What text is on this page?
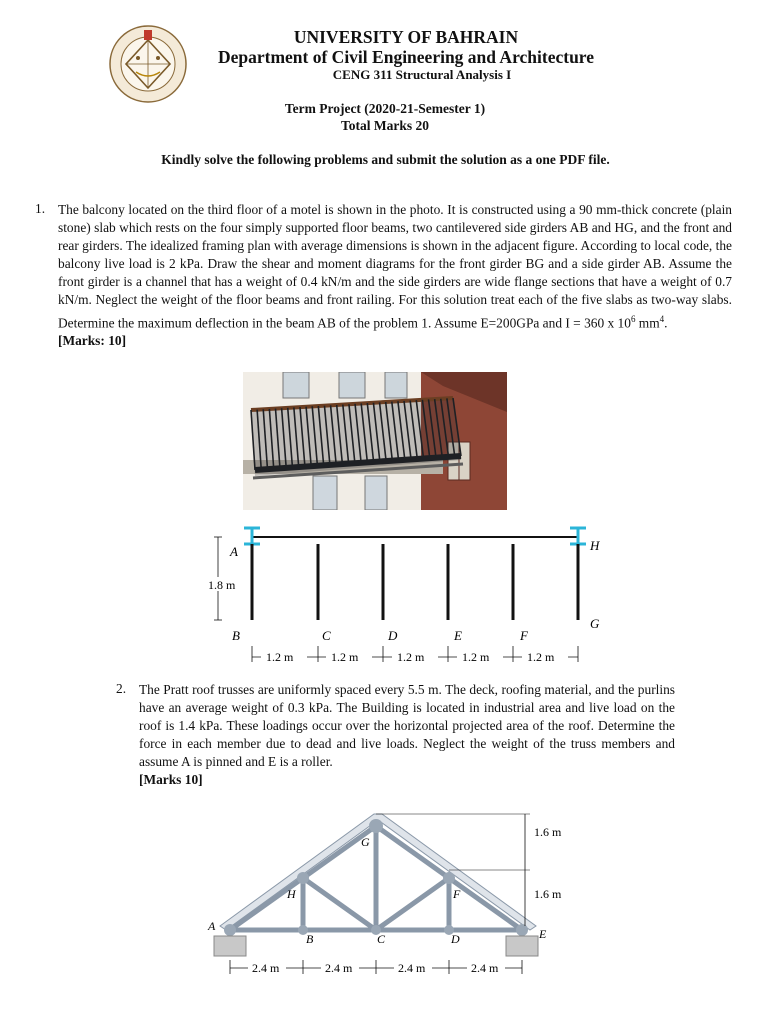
UNIVERSITY OF BAHRAIN
Department of Civil Engineering and Architecture
CENG 311 Structural Analysis I
Term Project (2020-21-Semester 1)
Total Marks 20
Kindly solve the following problems and submit the solution as a one PDF file.
1. The balcony located on the third floor of a motel is shown in the photo. It is constructed using a 90 mm-thick concrete (plain stone) slab which rests on the four simply supported floor beams, two cantilevered side girders AB and HG, and the front and rear girders. The idealized framing plan with average dimensions is shown in the adjacent figure. According to local code, the balcony live load is 2 kPa. Draw the shear and moment diagrams for the front girder BG and a side girder AB. Assume the front girder is a channel that has a weight of 0.4 kN/m and the side girders are wide flange sections that have a weight of 0.7 kN/m. Neglect the weight of the floor beams and front railing. For this solution treat each of the five slabs as two-way slabs. Determine the maximum deflection in the beam AB of the problem 1. Assume E=200GPa and I = 360 x $10^6$ $mm^4$.
[Marks: 10]
1.8 m
A	H
B	C	D	E	F
G
1.2 m	1.2 m	1.2 m	1.2 m	1.2 m
2. The Pratt roof trusses are uniformly spaced every 5.5 m. The deck, roofing material, and the purlins have an average weight of 0.3 kPa. The Building is located in industrial area and live load on the roof is 1.4 kPa. These loadings occur over the horizontal projected area of the roof. Determine the force in each member due to dead and live loads. Neglect the weight of the truss members and assume A is pinned and E is a roller.
[Marks 10]
1.6 m
1.6 m
A
B	C	D	E
F
G
H
2.4 m	2.4 m	2.4 m	2.4 m
